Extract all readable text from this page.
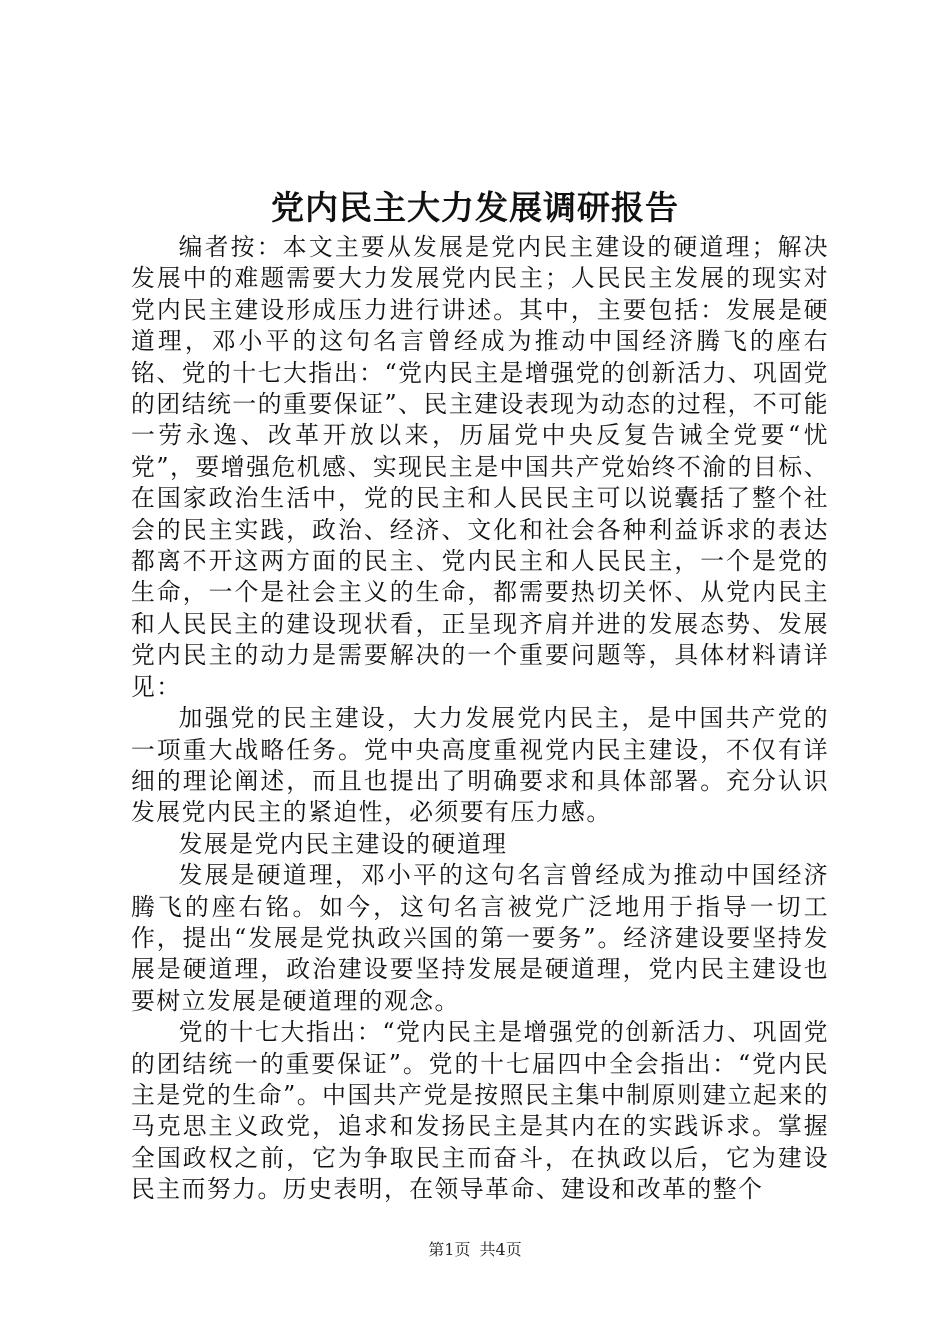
党内民主大力发展调研报告

编者按：本文主要从发展是党内民主建设的硬道理；解决发展中的难题需要大力发展党内民主；人民民主发展的现实对党内民主建设形成压力进行讲述。其中，主要包括：发展是硬道理，邓小平的这句名言曾经成为推动中国经济腾飞的座右铭、党的十七大指出：“党内民主是增强党的创新活力、巩固党的团结统一的重要保证”、民主建设表现为动态的过程，不可能一劳永逸、改革开放以来，历届党中央反复告诫全党要“忧党”，要增强危机感、实现民主是中国共产党始终不渝的目标、在国家政治生活中，党的民主和人民民主可以说囊括了整个社会的民主实践，政治、经济、文化和社会各种利益诉求的表达都离不开这两方面的民主、党内民主和人民民主，一个是党的生命，一个是社会主义的生命，都需要热切关怀、从党内民主和人民民主的建设现状看，正呈现齐肩并进的发展态势、发展党内民主的动力是需要解决的一个重要问题等，具体材料请详见：

加强党的民主建设，大力发展党内民主，是中国共产党的一项重大战略任务。党中央高度重视党内民主建设，不仅有详细的理论阐述，而且也提出了明确要求和具体部署。充分认识发展党内民主的紧迫性，必须要有压力感。

发展是党内民主建设的硬道理

发展是硬道理，邓小平的这句名言曾经成为推动中国经济腾飞的座右铭。如今，这句名言被党广泛地用于指导一切工作，提出“发展是党执政兴国的第一要务”。经济建设要坚持发展是硬道理，政治建设要坚持发展是硬道理，党内民主建设也要树立发展是硬道理的观念。

党的十七大指出：“党内民主是增强党的创新活力、巩固党的团结统一的重要保证”。党的十七届四中全会指出：“党内民主是党的生命”。中国共产党是按照民主集中制原则建立起来的马克思主义政党，追求和发扬民主是其内在的实践诉求。掌握全国政权之前，它为争取民主而奋斗，在执政以后，它为建设民主而努力。历史表明，在领导革命、建设和改革的整个

第1页 共4页
